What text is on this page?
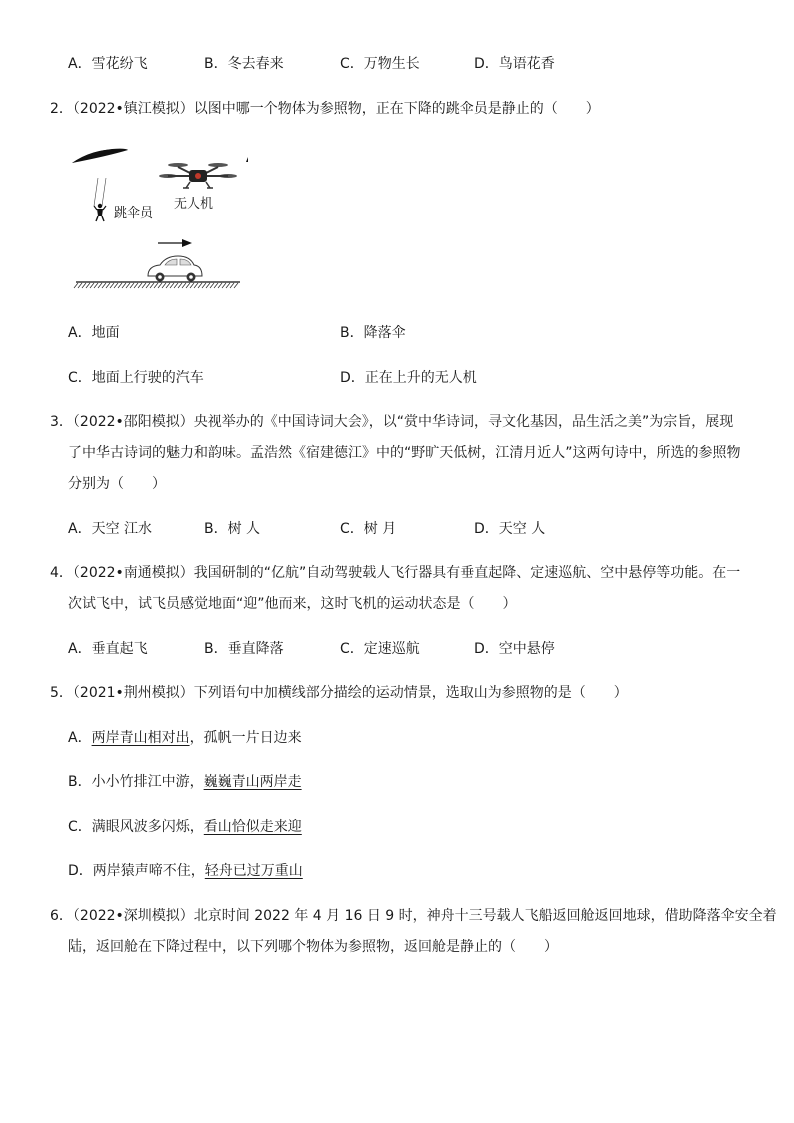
A．雪花纷飞	B．冬去春来	C．万物生长	D．鸟语花香
2．（2022•镇江模拟）以图中哪一个物体为参照物，正在下降的跳伞员是静止的（　　）
跳伞员
无人机
A．地面	B．降落伞
C．地面上行驶的汽车	D．正在上升的无人机
3．（2022•邵阳模拟）央视举办的《中国诗词大会》，以“赏中华诗词，寻文化基因，品生活之美”为宗旨，展现
了中华古诗词的魅力和韵味。孟浩然《宿建德江》中的“野旷天低树，江清月近人”这两句诗中，所选的参照物
分别为（　　）
A．天空 江水	B．树 人	C．树 月	D．天空 人
4．（2022•南通模拟）我国研制的“亿航”自动驾驶载人飞行器具有垂直起降、定速巡航、空中悬停等功能。在一
次试飞中，试飞员感觉地面“迎”他而来，这时飞机的运动状态是（　　）
A．垂直起飞	B．垂直降落	C．定速巡航	D．空中悬停
5．（2021•荆州模拟）下列语句中加横线部分描绘的运动情景，选取山为参照物的是（　　）
A．两岸青山相对出，孤帆一片日边来
B．小小竹排江中游，巍巍青山两岸走
C．满眼风波多闪烁，看山恰似走来迎
D．两岸猿声啼不住，轻舟已过万重山
6．（2022•深圳模拟）北京时间 2022 年 4 月 16 日 9 时，神舟十三号载人飞船返回舱返回地球，借助降落伞安全着
陆，返回舱在下降过程中，以下列哪个物体为参照物，返回舱是静止的（　　）
